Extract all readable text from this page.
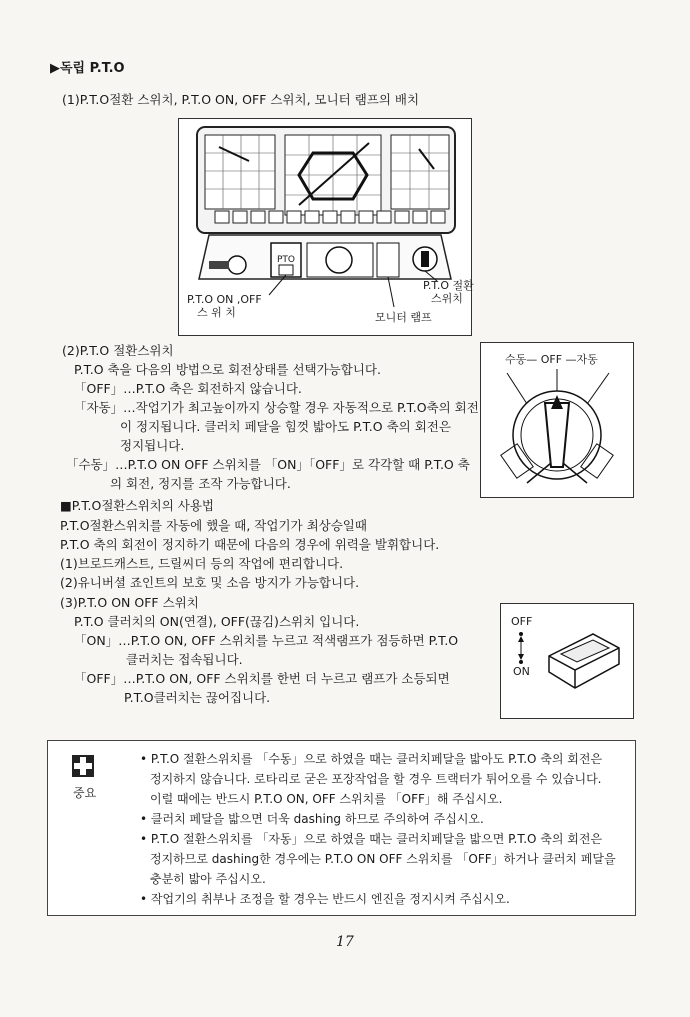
▶독립 P.T.O
(1)P.T.O절환 스위치, P.T.O ON, OFF 스위치, 모니터 램프의 배치
PTO
P.T.O ON ,OFF
스 위 치
P.T.O 절환
스위치
모니터 램프
(2)P.T.O 절환스위치
P.T.O 축을 다음의 방법으로 회전상태를 선택가능합니다.
「OFF」…P.T.O 축은 회전하지 않습니다.
「자동」…작업기가 최고높이까지 상승할 경우 자동적으로 P.T.O축의 회전
이 정지됩니다. 클러치 페달을 힘껏 밟아도 P.T.O 축의 회전은
정지됩니다.
「수동」…P.T.O ON OFF 스위치를 「ON」「OFF」로 각각할 때 P.T.O 축
의 회전, 정지를 조작 가능합니다.
수동— OFF —자동
■P.T.O절환스위치의 사용법
P.T.O절환스위치를 자동에 했을 때, 작업기가 최상승일때
P.T.O 축의 회전이 정지하기 때문에 다음의 경우에 위력을 발휘합니다.
(1)브로드캐스트, 드릴씨더 등의 작업에 편리합니다.
(2)유니버셜 죠인트의 보호 및 소음 방지가 가능합니다.
(3)P.T.O ON OFF 스위치
P.T.O 클러치의 ON(연결), OFF(끊김)스위치 입니다.
「ON」…P.T.O ON, OFF 스위치를 누르고 적색램프가 점등하면 P.T.O
클러치는 접속됩니다.
「OFF」…P.T.O ON, OFF 스위치를 한번 더 누르고 램프가 소등되면
P.T.O클러치는 끊어집니다.
OFF
ON
중요
• P.T.O 절환스위치를 「수동」으로 하였을 때는 클러치페달을 밟아도 P.T.O 축의 회전은
정지하지 않습니다. 로타리로 굳은 포장작업을 할 경우 트랙터가 튀어오를 수 있습니다.
이럴 때에는 반드시 P.T.O ON, OFF 스위치를 「OFF」해 주십시오.
• 클러치 페달을 밟으면 더욱 dashing 하므로 주의하여 주십시오.
• P.T.O 절환스위치를 「자동」으로 하였을 때는 클러치페달을 밟으면 P.T.O 축의 회전은
정지하므로 dashing한 경우에는 P.T.O ON OFF 스위치를 「OFF」하거나 클러치 페달을
충분히 밟아 주십시오.
• 작업기의 취부나 조정을 할 경우는 반드시 엔진을 정지시켜 주십시오.
17
